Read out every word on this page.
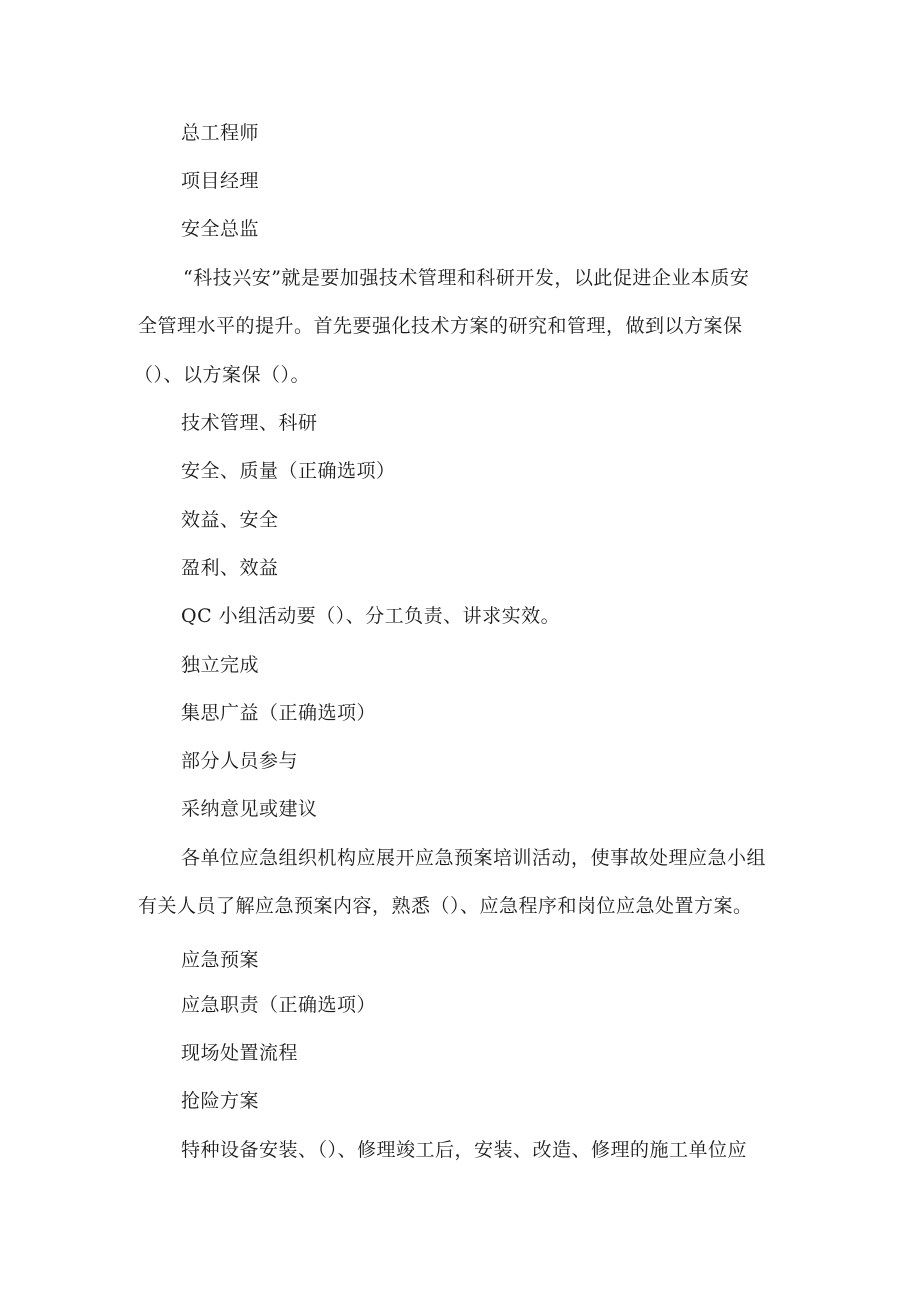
总工程师
项目经理
安全总监
“科技兴安”就是要加强技术管理和科研开发，以此促进企业本质安
全管理水平的提升。首先要强化技术方案的研究和管理，做到以方案保
（）、以方案保（）。
技术管理、科研
安全、质量（正确选项）
效益、安全
盈利、效益
QC 小组活动要（）、分工负责、讲求实效。
独立完成
集思广益（正确选项）
部分人员参与
采纳意见或建议
各单位应急组织机构应展开应急预案培训活动，使事故处理应急小组
有关人员了解应急预案内容，熟悉（）、应急程序和岗位应急处置方案。
应急预案
应急职责（正确选项）
现场处置流程
抢险方案
特种设备安装、（）、修理竣工后，安装、改造、修理的施工单位应
